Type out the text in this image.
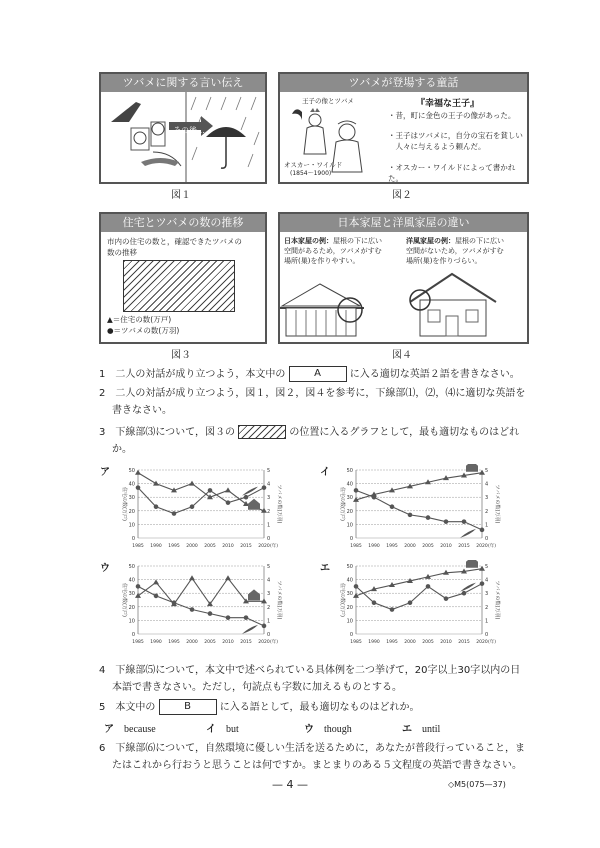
ツバメに関する言い伝え
その後…
図１
ツバメが登場する童話
王子の像とツバメ
オスカー・ワイルド
(1854〜1900)
『幸福な王子』
・昔，町に金色の王子の像があった。
・王子はツバメに，自分の宝石を貧しい
　人々に与えるよう頼んだ。
・オスカー・ワイルドによって書かれた。
図２
住宅とツバメの数の推移
市内の住宅の数と，確認できたツバメの
数の推移
▲＝住宅の数(万戸)
●＝ツバメの数(万羽)
図３
日本家屋と洋風家屋の違い
日本家屋の例：屋根の下に広い
空間があるため，ツバメがすむ
場所(巣)を作りやすい。
洋風家屋の例：屋根の下に広い
空間がないため，ツバメがすむ
場所(巣)を作りづらい。
図４
1　二人の対話が成り立つよう，本文中の	A	に入る適切な英語２語を書きなさい。
2　二人の対話が成り立つよう，図１，図２，図４を参考に，下線部⑴，⑵，⑷に適切な英語を
書きなさい。
3　下線部⑶について，図３の	の位置に入るグラフとして，最も適切なものはどれ
か。
ア	イ
ウ	エ
50	5
40	4
30	3
20	2
10	1
0	0
1985 1990 1995 2000 2005 2010 2015 2020 (年)
住宅の数(万戸)	ツバメの数(万羽)
50	5
40	4
30	3
20	2
10	1
0	0
1985 1990 1995 2000 2005 2010 2015 2020 (年)
住宅の数(万戸)	ツバメの数(万羽)
50	5
40	4
30	3
20	2
10	1
0	0
1985 1990 1995 2000 2005 2010 2015 2020 (年)
住宅の数(万戸)	ツバメの数(万羽)
50	5
40	4
30	3
20	2
10	1
0	0
1985 1990 1995 2000 2005 2010 2015 2020 (年)
住宅の数(万戸)	ツバメの数(万羽)
4　下線部⑸について，本文中で述べられている具体例を二つ挙げて，20字以上30字以内の日
本語で書きなさい。ただし，句読点も字数に加えるものとする。
5　本文中の	B	に入る語として，最も適切なものはどれか。
ア　 because	イ　 but	ウ　 though	エ　 until
6　下線部⑹について，自然環境に優しい生活を送るために，あなたが普段行っていること，ま
たはこれから行おうと思うことは何ですか。まとまりのある５文程度の英語で書きなさい。
— 4 —	◇M5(075—37)
